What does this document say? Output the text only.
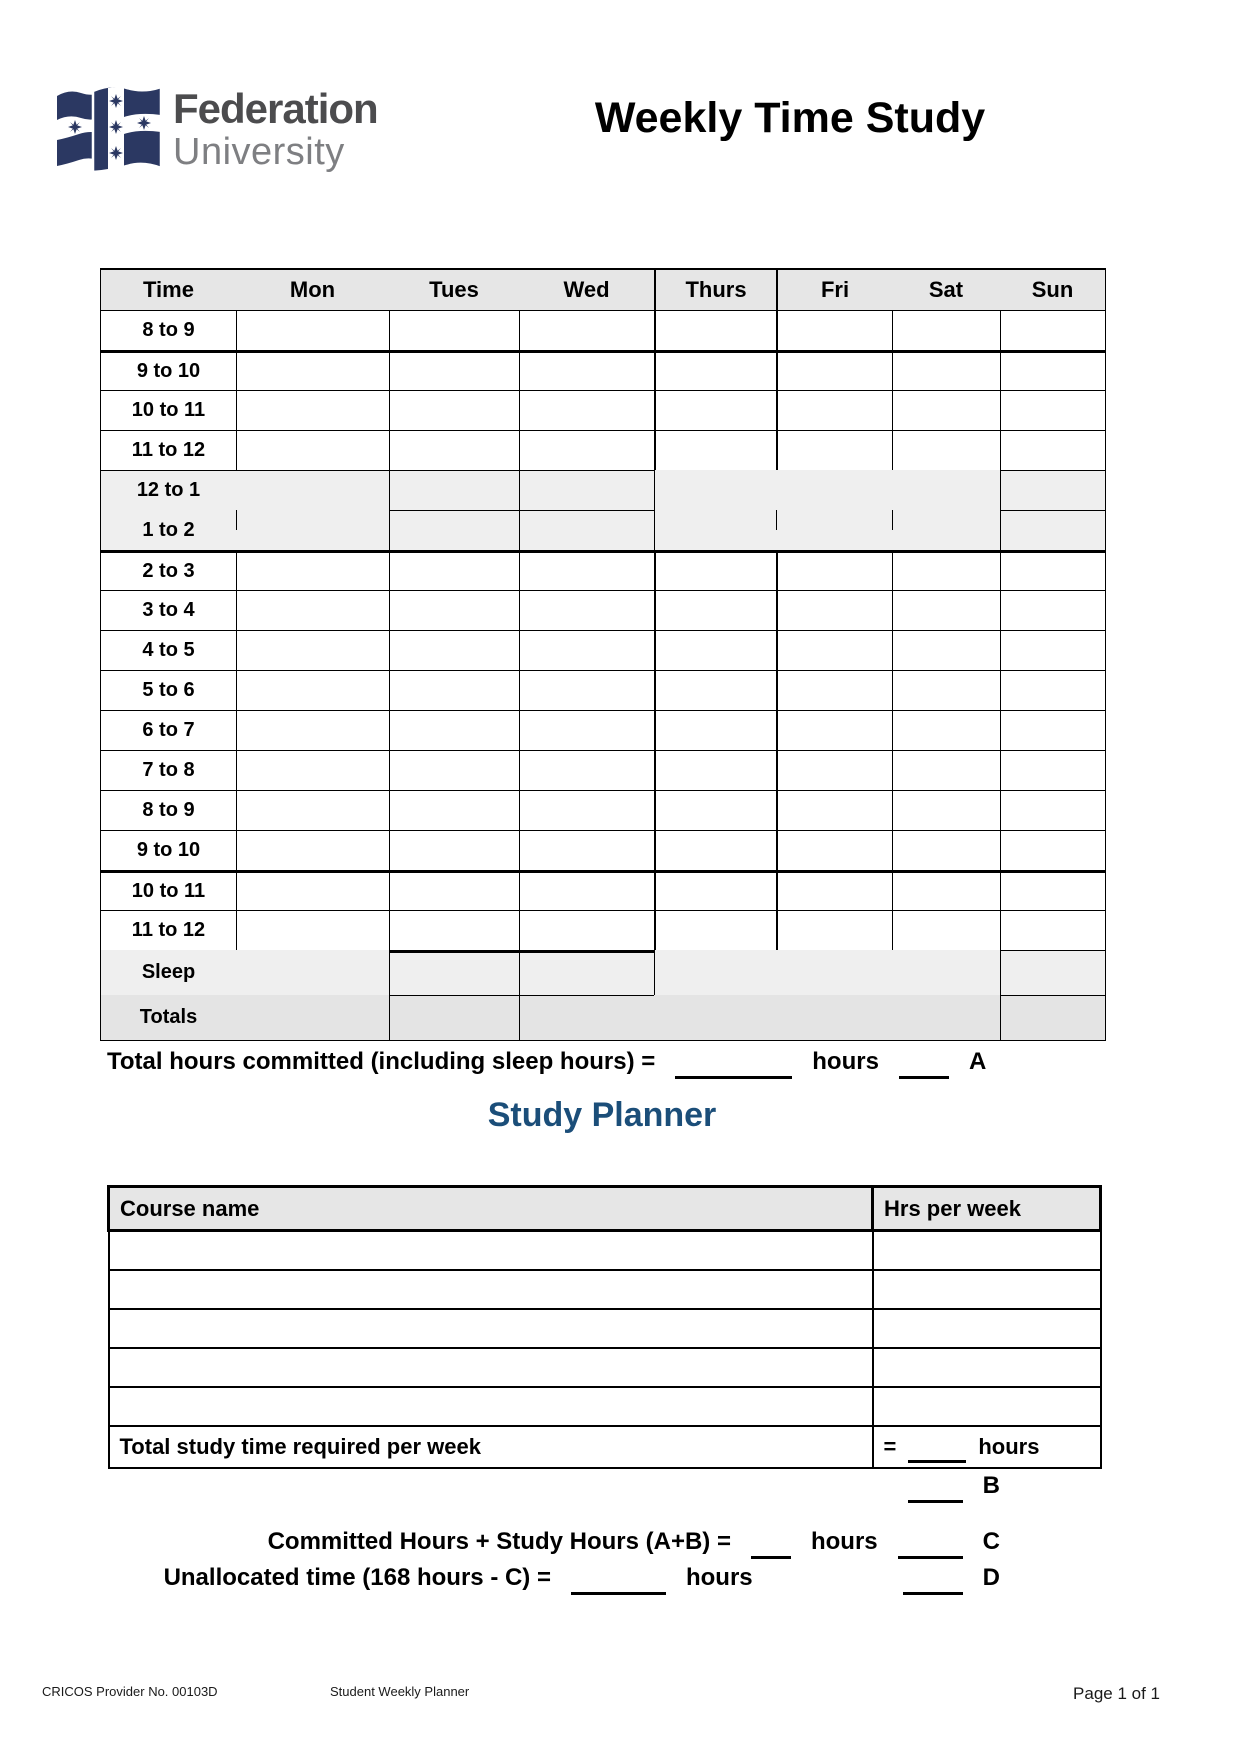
Federation
University
Weekly Time Study
Time	Mon	Tues	Wed	Thurs	Fri	Sat	Sun
8 to 9							
9 to 10							
10 to 11							
11 to 12							
12 to 1							
1 to 2							
2 to 3							
3 to 4							
4 to 5							
5 to 6							
6 to 7							
7 to 8							
8 to 9							
9 to 10							
10 to 11							
11 to 12							
Sleep							
Totals							
Total hours committed (including sleep hours) =	hours	A
Study Planner
Course name	Hrs per week

Total study time required per week	= hours
B
Committed Hours + Study Hours (A+B) =	hours	C
Unallocated time (168 hours - C) =	hours	D
CRICOS Provider No. 00103D	Student Weekly Planner	Page 1 of 1
